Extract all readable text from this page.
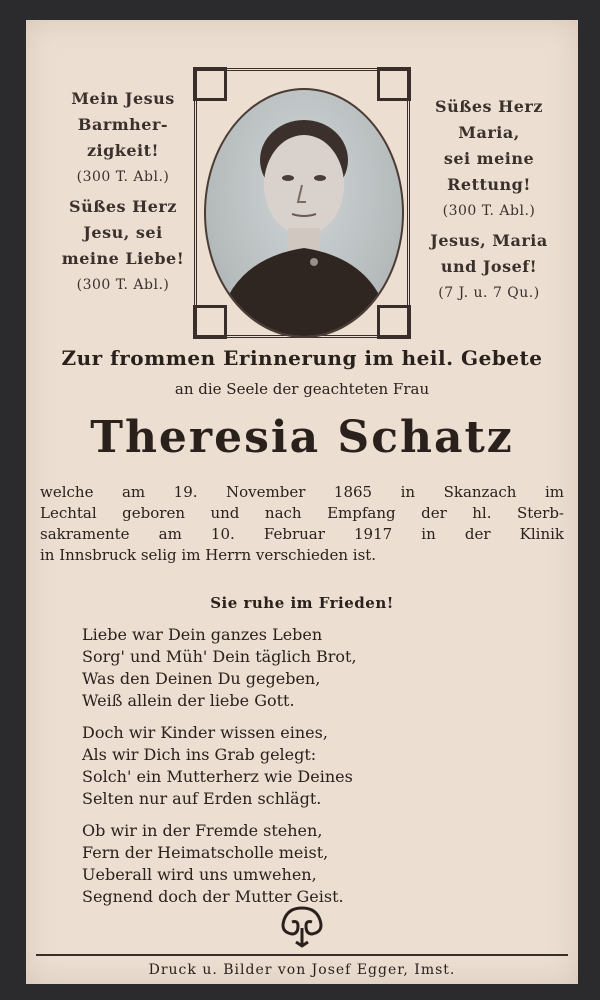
Mein Jesus
Barmher-
zigkeit!
(300 T. Abl.)
Süßes Herz
Jesu, sei
meine Liebe!
(300 T. Abl.)
Süßes Herz
Maria,
sei meine
Rettung!
(300 T. Abl.)
Jesus, Maria
und Josef!
(7 J. u. 7 Qu.)
Zur frommen Erinnerung im heil. Gebete
an die Seele der geachteten Frau
Theresia Schatz
welche am 19. November 1865 in Skanzach im
Lechtal geboren und nach Empfang der hl. Sterb-
sakramente am 10. Februar 1917 in der Klinik
in Innsbruck selig im Herrn verschieden ist.
Sie ruhe im Frieden!
Liebe war Dein ganzes Leben
Sorg' und Müh' Dein täglich Brot,
Was den Deinen Du gegeben,
Weiß allein der liebe Gott.
Doch wir Kinder wissen eines,
Als wir Dich ins Grab gelegt:
Solch' ein Mutterherz wie Deines
Selten nur auf Erden schlägt.
Ob wir in der Fremde stehen,
Fern der Heimatscholle meist,
Ueberall wird uns umwehen,
Segnend doch der Mutter Geist.
Druck u. Bilder von Josef Egger, Imst.
